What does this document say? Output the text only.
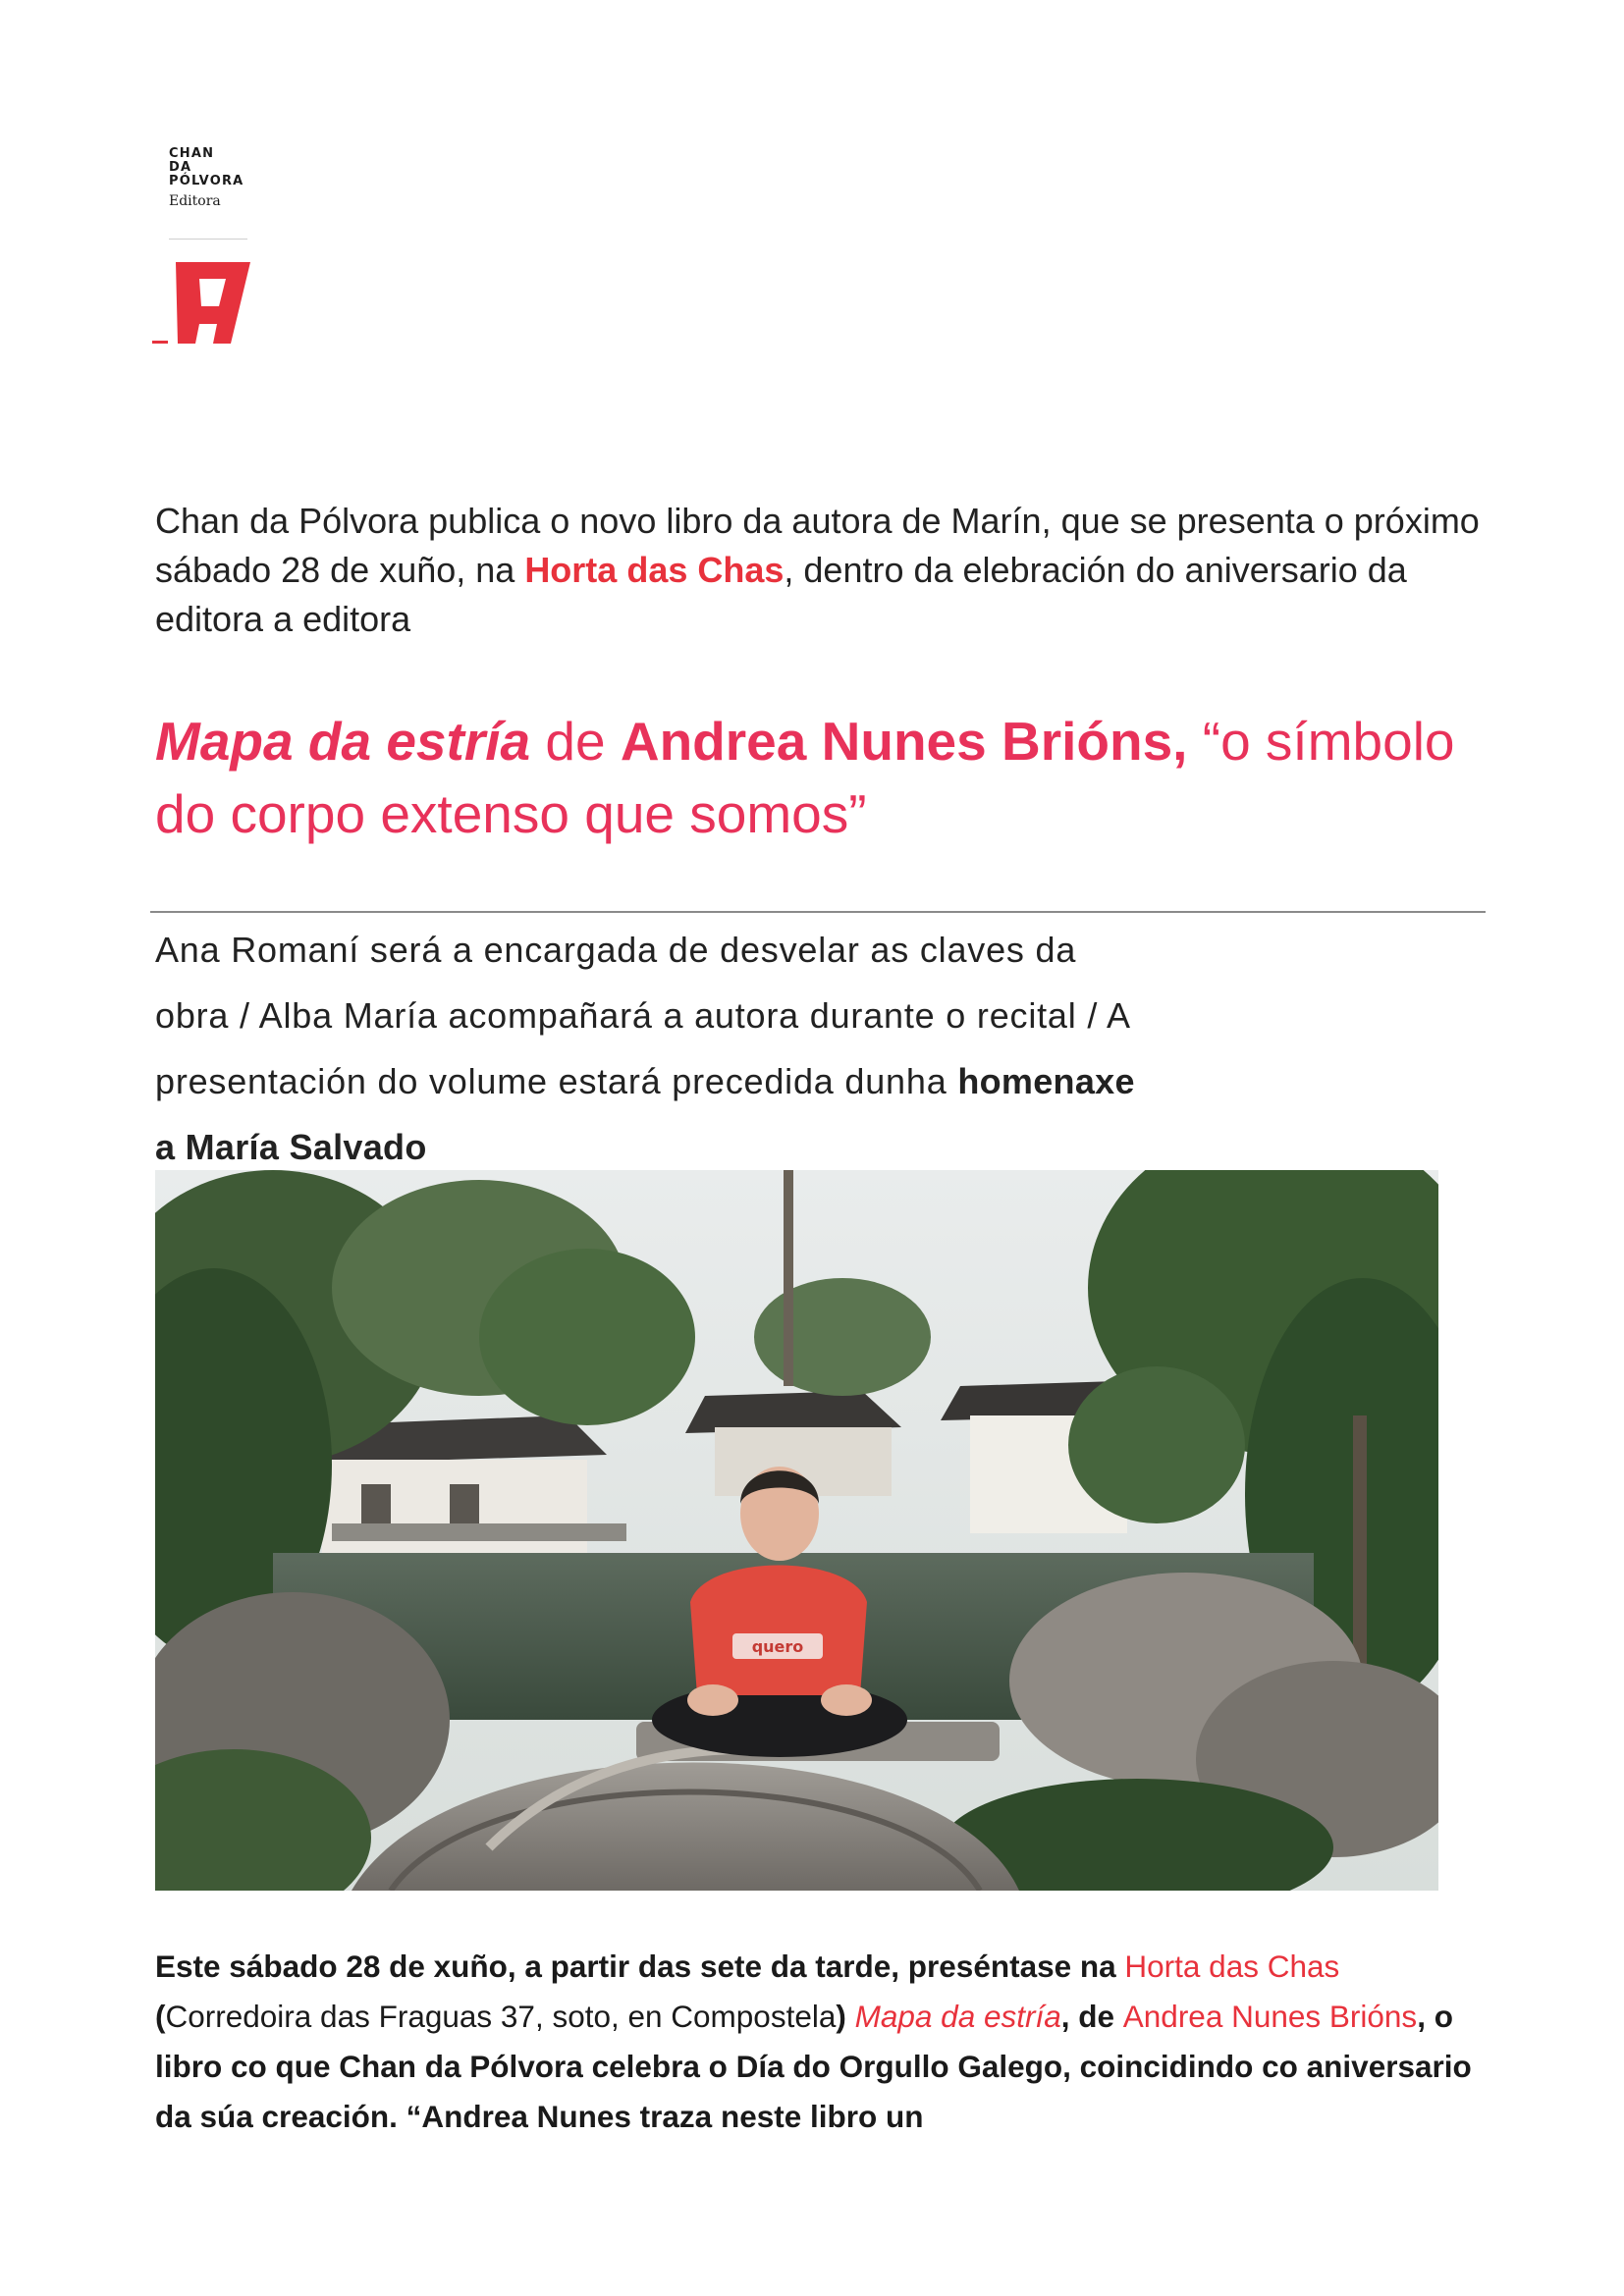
CHAN
DA
PÓLVORA
Editora
Chan da Pólvora publica o novo libro da autora de Marín, que se presenta o próximo sábado 28 de xuño, na Horta das Chas, dentro da elebración do aniversario da editora a editora
Mapa da estría de Andrea Nunes Brións, “o símbolo do corpo extenso que somos”
Ana Romaní será a encargada de desvelar as claves da obra / Alba María acompañará a autora durante o recital / A presentación do volume estará precedida dunha homenaxe a María Salvado
quero
Este sábado 28 de xuño, a partir das sete da tarde, preséntase na Horta das Chas
(Corredoira das Fraguas 37, soto, en Compostela) Mapa da estría, de Andrea Nunes Brións, o libro co que Chan da Pólvora celebra o Día do Orgullo Galego, coincidindo co aniversario da súa creación. “Andrea Nunes traza neste libro un
